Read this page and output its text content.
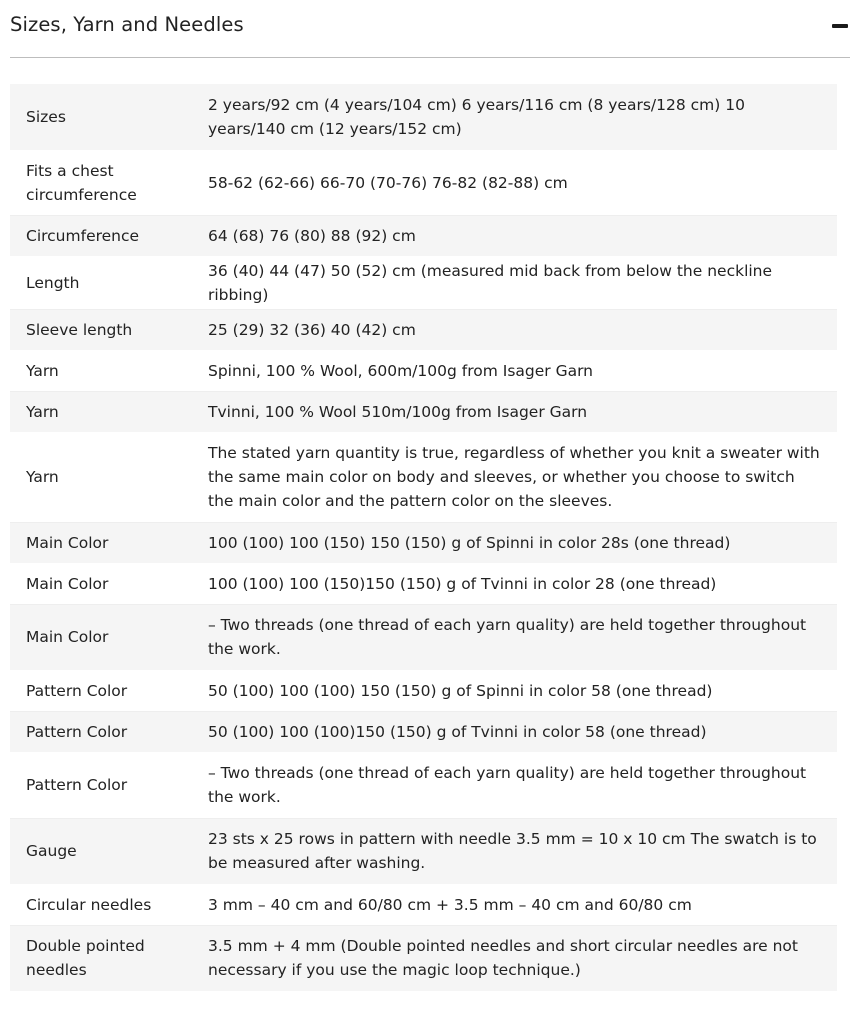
Sizes, Yarn and Needles
Sizes	2 years/92 cm (4 years/104 cm) 6 years/116 cm (8 years/128 cm) 10 years/140 cm (12 years/152 cm)
Fits a chest circumference	58-62 (62-66) 66-70 (70-76) 76-82 (82-88) cm
Circumference	64 (68) 76 (80) 88 (92) cm
Length	36 (40) 44 (47) 50 (52) cm (measured mid back from below the neckline ribbing)
Sleeve length	25 (29) 32 (36) 40 (42) cm
Yarn	Spinni, 100 % Wool, 600m/100g from Isager Garn
Yarn	Tvinni, 100 % Wool 510m/100g from Isager Garn
Yarn	The stated yarn quantity is true, regardless of whether you knit a sweater with the same main color on body and sleeves, or whether you choose to switch the main color and the pattern color on the sleeves.
Main Color	100 (100) 100 (150) 150 (150) g of Spinni in color 28s (one thread)
Main Color	100 (100) 100 (150)150 (150) g of Tvinni in color 28 (one thread)
Main Color	– Two threads (one thread of each yarn quality) are held together throughout the work.
Pattern Color	50 (100) 100 (100) 150 (150) g of Spinni in color 58 (one thread)
Pattern Color	50 (100) 100 (100)150 (150) g of Tvinni in color 58 (one thread)
Pattern Color	– Two threads (one thread of each yarn quality) are held together throughout the work.
Gauge	23 sts x 25 rows in pattern with needle 3.5 mm = 10 x 10 cm The swatch is to be measured after washing.
Circular needles	3 mm – 40 cm and 60/80 cm + 3.5 mm – 40 cm and 60/80 cm
Double pointed needles	3.5 mm + 4 mm (Double pointed needles and short circular needles are not necessary if you use the magic loop technique.)
